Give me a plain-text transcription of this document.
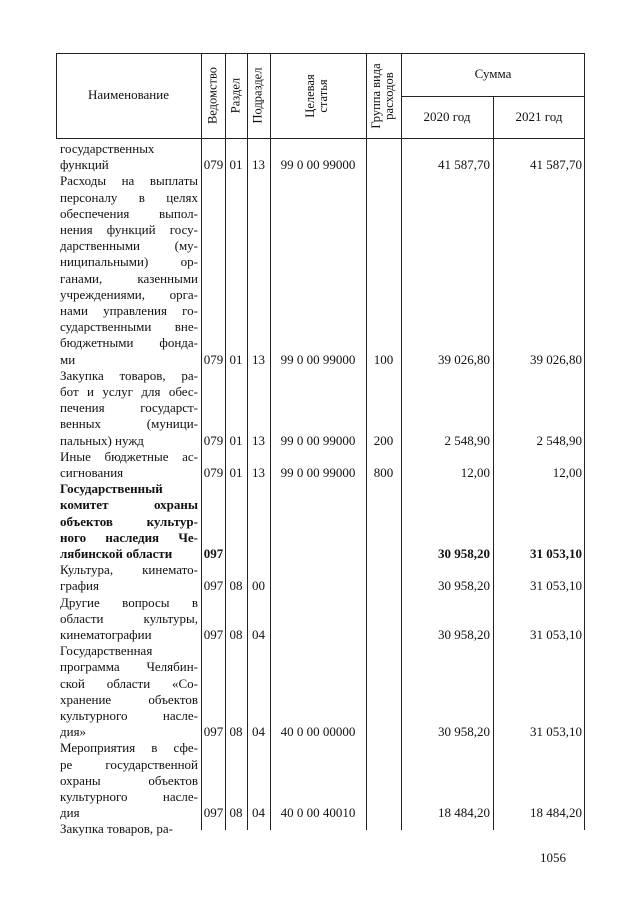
Наименование	Ведомство Раздел Подраздел	Целевая статья	Группа вида расходов	Сумма
2020 год	2021 год
государственных
функций	079 01 13	99 0 00 99000	41 587,70	41 587,70
Расходы на выплаты
персоналу в целях
обеспечения выпол-
нения функций госу-
дарственными (му-
ниципальными) ор-
ганами, казенными
учреждениями, орга-
нами управления го-
сударственными вне-
бюджетными фонда-
ми	079 01 13	99 0 00 99000	100	39 026,80	39 026,80
Закупка товаров, ра-
бот и услуг для обес-
печения государст-
венных (муници-
пальных) нужд	079 01 13	99 0 00 99000	200	2 548,90	2 548,90
Иные бюджетные ас-
сигнования	079 01 13	99 0 00 99000	800	12,00	12,00
Государственный
комитет охраны
объектов культур-
ного наследия Че-
лябинской области	097	30 958,20	31 053,10
Культура, кинемато-
графия	097 08 00	30 958,20	31 053,10
Другие вопросы в
области культуры,
кинематографии	097 08 04	30 958,20	31 053,10
Государственная
программа Челябин-
ской области «Со-
хранение объектов
культурного насле-
дия»	097 08 04	40 0 00 00000	30 958,20	31 053,10
Мероприятия в сфе-
ре государственной
охраны объектов
культурного насле-
дия	097 08 04	40 0 00 40010	18 484,20	18 484,20
Закупка товаров, ра-
1056
